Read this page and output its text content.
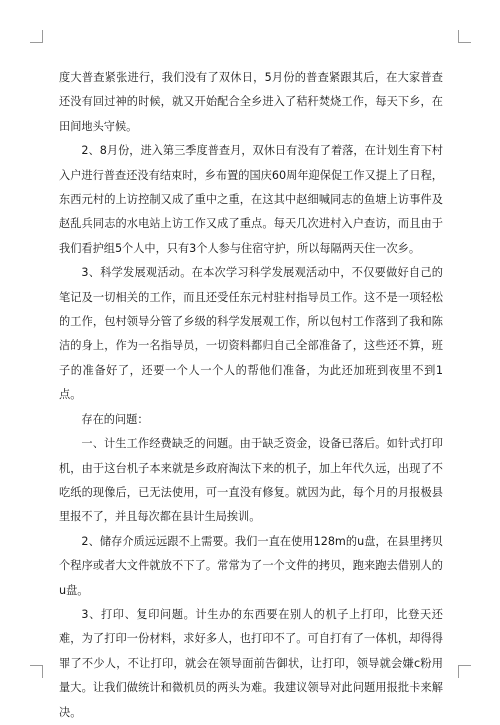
度大普查紧张进行，我们没有了双休日，5月份的普查紧跟其后，在大家普查还没有回过神的时候，就又开始配合全乡进入了秸秆焚烧工作，每天下乡，在田间地头守候。

2、8月份，进入第三季度普查月，双休日有没有了着落，在计划生育下村入户进行普查还没有结束时，乡布置的国庆60周年迎保促工作又提上了日程，东西元村的上访控制又成了重中之重，在这其中赵细喊同志的鱼塘上访事件及赵乱兵同志的水电站上访工作又成了重点。每天几次进村入户查访，而且由于我们看护组5个人中，只有3个人参与住宿守护，所以每隔两天住一次乡。

3、科学发展观活动。在本次学习科学发展观活动中，不仅要做好自己的笔记及一切相关的工作，而且还受任东元村驻村指导员工作。这不是一项轻松的工作，包村领导分管了乡级的科学发展观工作，所以包村工作落到了我和陈洁的身上，作为一名指导员，一切资料都归自己全部准备了，这些还不算，班子的准备好了，还要一个人一个人的帮他们准备，为此还加班到夜里不到1点。

存在的问题：

一、计生工作经费缺乏的问题。由于缺乏资金，设备已落后。如针式打印机，由于这台机子本来就是乡政府淘汰下来的机子，加上年代久远，出现了不吃纸的现像后，已无法使用，可一直没有修复。就因为此，每个月的月报极县里报不了，并且每次都在县计生局挨训。

2、储存介质远远跟不上需要。我们一直在使用128m的u盘，在县里拷贝个程序或者大文件就放不下了。常常为了一个文件的拷贝，跑来跑去借别人的u盘。

3、打印、复印问题。计生办的东西要在别人的机子上打印，比登天还难，为了打印一份材料，求好多人，也打印不了。可自打有了一体机，却得得罪了不少人，不让打印，就会在领导面前告御状，让打印，领导就会嫌c粉用量大。让我们做统计和微机员的两头为难。我建议领导对此问题用报批卡来解决。
